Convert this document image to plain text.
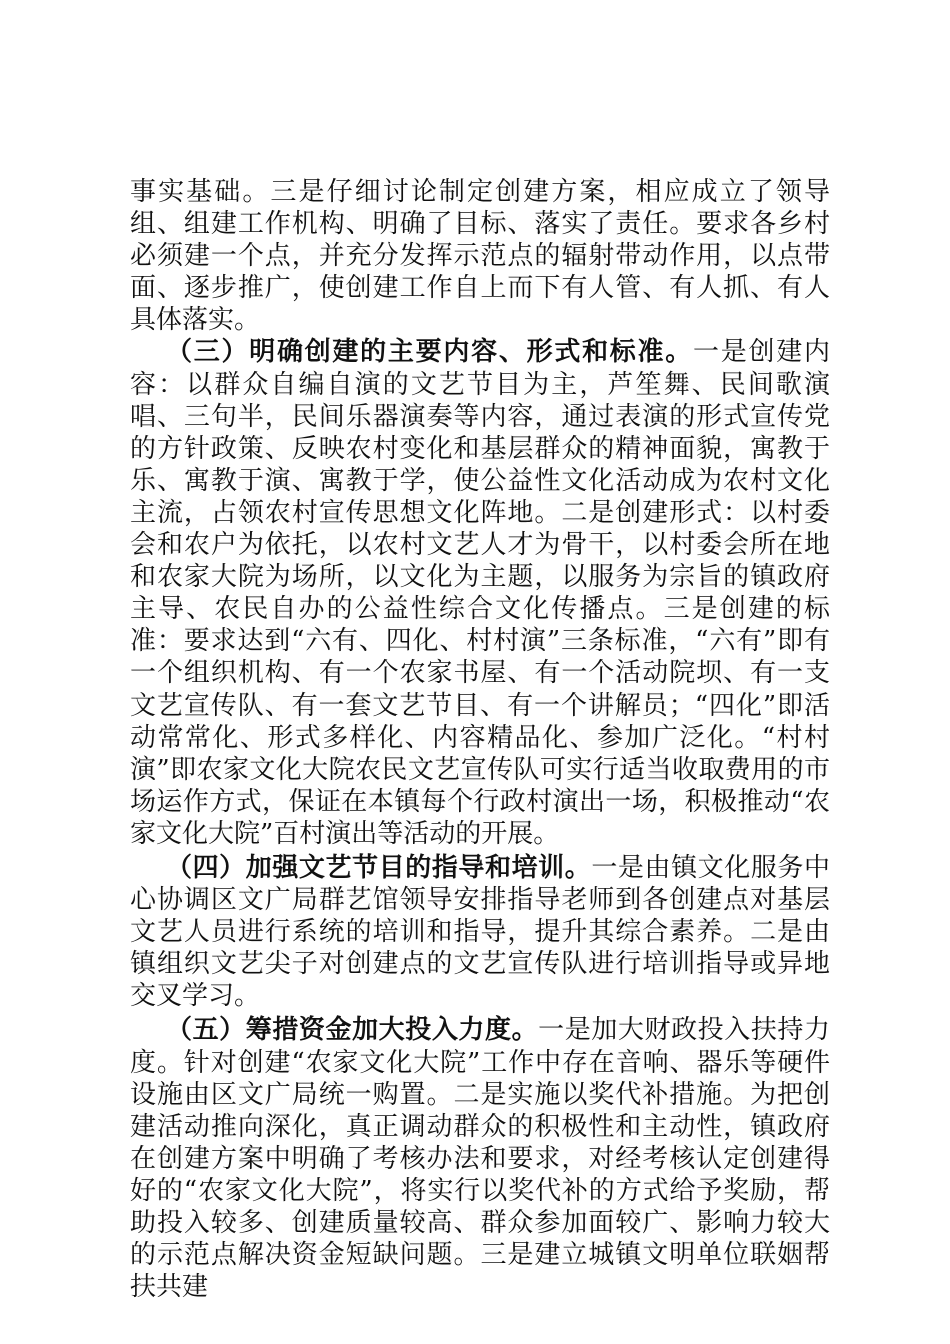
事实基础。三是仔细讨论制定创建方案，相应成立了领导组、组建工作机构、明确了目标、落实了责任。要求各乡村必须建一个点，并充分发挥示范点的辐射带动作用，以点带面、逐步推广，使创建工作自上而下有人管、有人抓、有人具体落实。

（三）明确创建的主要内容、形式和标准。一是创建内容：以群众自编自演的文艺节目为主，芦笙舞、民间歌演唱、三句半，民间乐器演奏等内容，通过表演的形式宣传党的方针政策、反映农村变化和基层群众的精神面貌，寓教于乐、寓教于演、寓教于学，使公益性文化活动成为农村文化主流，占领农村宣传思想文化阵地。二是创建形式：以村委会和农户为依托，以农村文艺人才为骨干，以村委会所在地和农家大院为场所，以文化为主题，以服务为宗旨的镇政府主导、农民自办的公益性综合文化传播点。三是创建的标准：要求达到“六有、四化、村村演”三条标准，“六有”即有一个组织机构、有一个农家书屋、有一个活动院坝、有一支文艺宣传队、有一套文艺节目、有一个讲解员；“四化”即活动常常化、形式多样化、内容精品化、参加广泛化。“村村演”即农家文化大院农民文艺宣传队可实行适当收取费用的市场运作方式，保证在本镇每个行政村演出一场，积极推动“农家文化大院”百村演出等活动的开展。

（四）加强文艺节目的指导和培训。一是由镇文化服务中心协调区文广局群艺馆领导安排指导老师到各创建点对基层文艺人员进行系统的培训和指导，提升其综合素养。二是由镇组织文艺尖子对创建点的文艺宣传队进行培训指导或异地交叉学习。

（五）筹措资金加大投入力度。一是加大财政投入扶持力度。针对创建“农家文化大院”工作中存在音响、器乐等硬件设施由区文广局统一购置。二是实施以奖代补措施。为把创建活动推向深化，真正调动群众的积极性和主动性，镇政府在创建方案中明确了考核办法和要求，对经考核认定创建得好的“农家文化大院”，将实行以奖代补的方式给予奖励，帮助投入较多、创建质量较高、群众参加面较广、影响力较大的示范点解决资金短缺问题。三是建立城镇文明单位联姻帮扶共建
